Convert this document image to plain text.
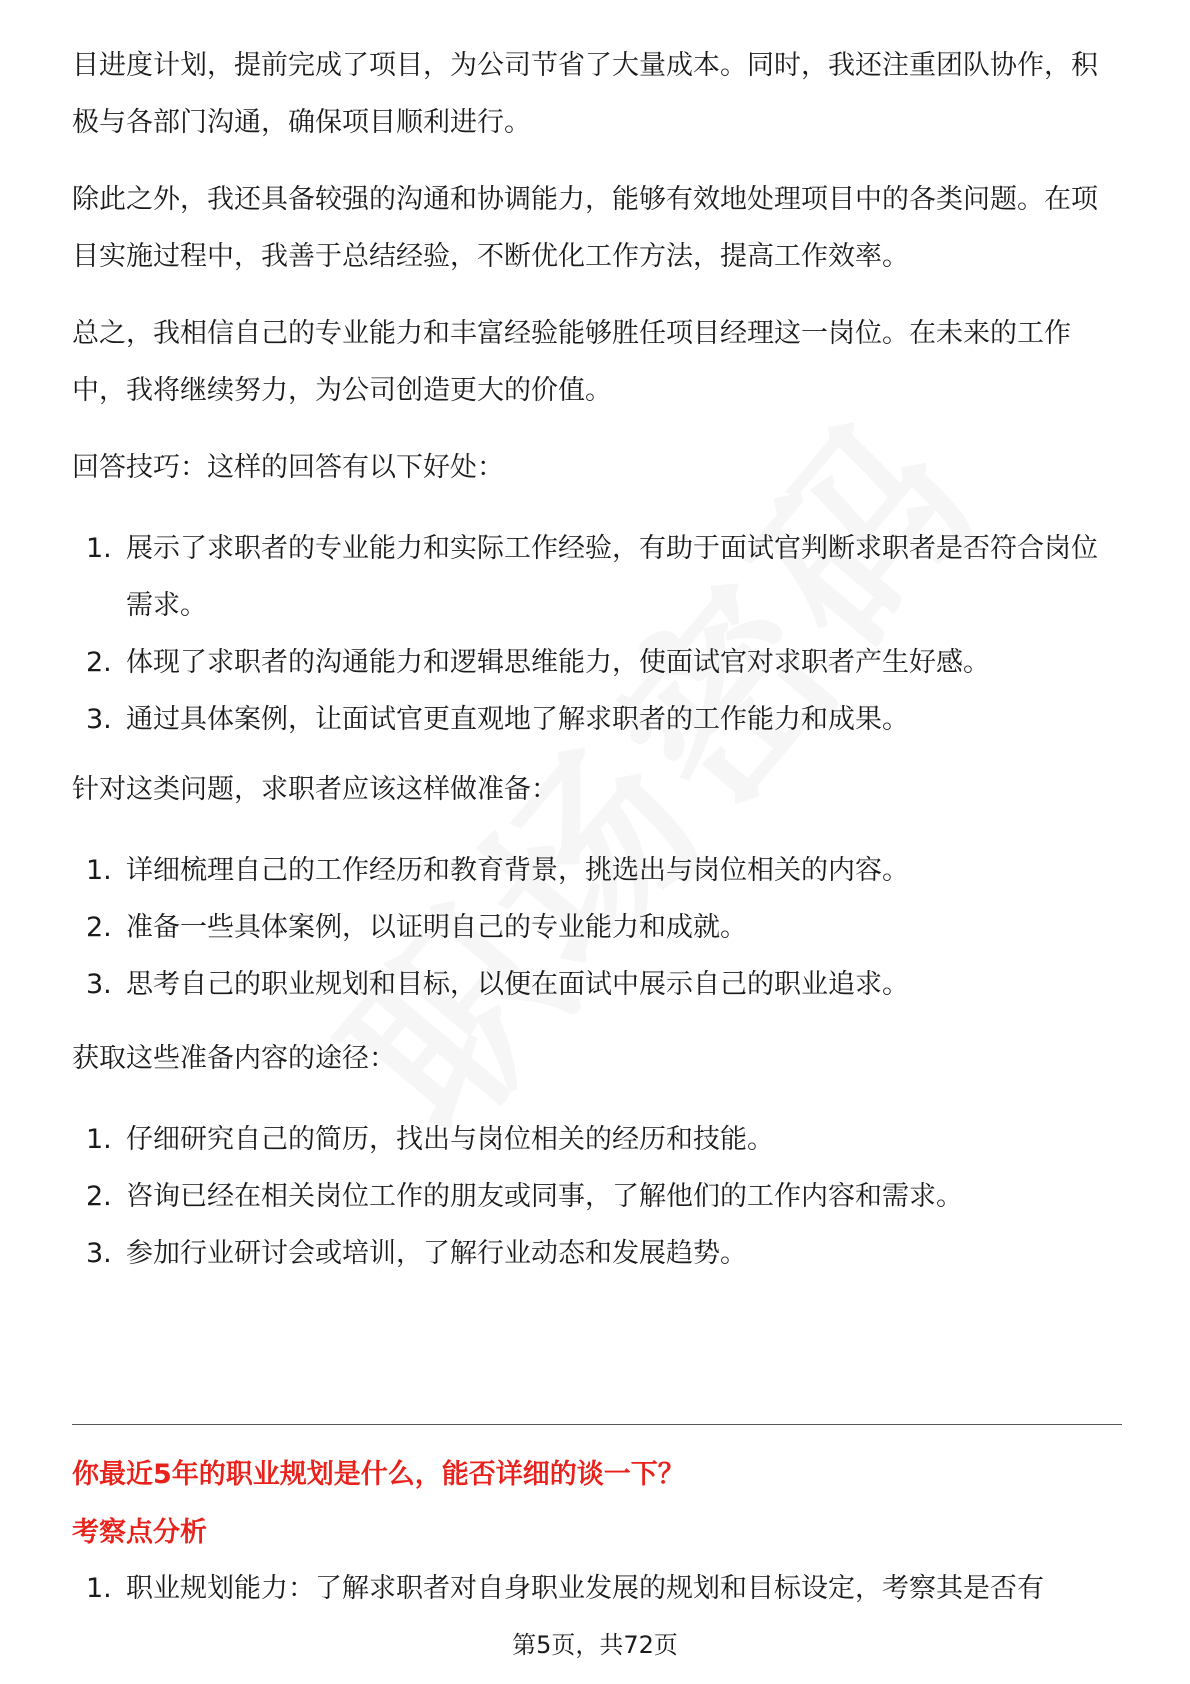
目进度计划，提前完成了项目，为公司节省了大量成本。同时，我还注重团队协作，积极与各部门沟通，确保项目顺利进行。

除此之外，我还具备较强的沟通和协调能力，能够有效地处理项目中的各类问题。在项目实施过程中，我善于总结经验，不断优化工作方法，提高工作效率。

总之，我相信自己的专业能力和丰富经验能够胜任项目经理这一岗位。在未来的工作中，我将继续努力，为公司创造更大的价值。

回答技巧：这样的回答有以下好处：

1. 展示了求职者的专业能力和实际工作经验，有助于面试官判断求职者是否符合岗位需求。
2. 体现了求职者的沟通能力和逻辑思维能力，使面试官对求职者产生好感。
3. 通过具体案例，让面试官更直观地了解求职者的工作能力和成果。

针对这类问题，求职者应该这样做准备：

1. 详细梳理自己的工作经历和教育背景，挑选出与岗位相关的内容。
2. 准备一些具体案例，以证明自己的专业能力和成就。
3. 思考自己的职业规划和目标，以便在面试中展示自己的职业追求。

获取这些准备内容的途径：

1. 仔细研究自己的简历，找出与岗位相关的经历和技能。
2. 咨询已经在相关岗位工作的朋友或同事，了解他们的工作内容和需求。
3. 参加行业研讨会或培训，了解行业动态和发展趋势。

你最近5年的职业规划是什么，能否详细的谈一下？

考察点分析

1. 职业规划能力：了解求职者对自身职业发展的规划和目标设定，考察其是否有
第5页，共72页
